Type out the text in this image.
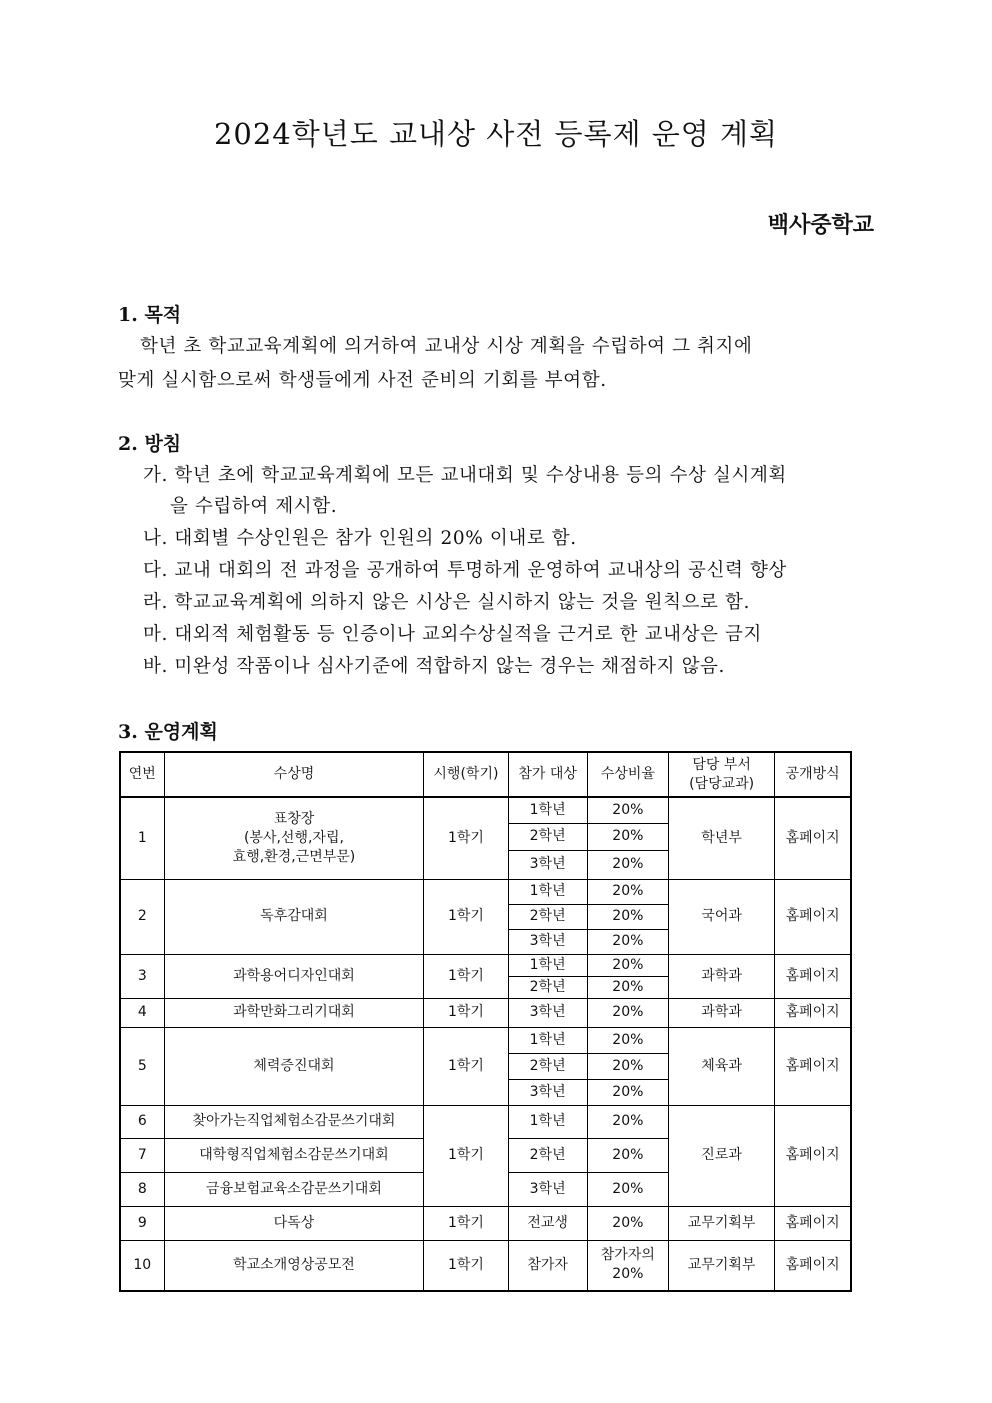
2024학년도 교내상 사전 등록제 운영 계획
백사중학교
1. 목적
학년 초 학교교육계획에 의거하여 교내상 시상 계획을 수립하여 그 취지에
맞게 실시함으로써 학생들에게 사전 준비의 기회를 부여함.
2. 방침
가. 학년 초에 학교교육계획에 모든 교내대회 및 수상내용 등의 수상 실시계획
을 수립하여 제시함.
나. 대회별 수상인원은 참가 인원의 20% 이내로 함.
다. 교내 대회의 전 과정을 공개하여 투명하게 운영하여 교내상의 공신력 향상
라. 학교교육계획에 의하지 않은 시상은 실시하지 않는 것을 원칙으로 함.
마. 대외적 체험활동 등 인증이나 교외수상실적을 근거로 한 교내상은 금지
바. 미완성 작품이나 심사기준에 적합하지 않는 경우는 채점하지 않음.
3. 운영계획
연번	수상명	시행(학기)	참가 대상	수상비율	담당 부서
(담당교과)	공개방식
1	표창장
(봉사,선행,자립,
효행,환경,근면부문)	1학기	1학년	20%	학년부	홈페이지
			2학년	20%		
			3학년	20%		
2	독후감대회	1학기	1학년	20%	국어과	홈페이지
			2학년	20%		
			3학년	20%		
3	과학용어디자인대회	1학기	1학년	20%	과학과	홈페이지
			2학년	20%		
4	과학만화그리기대회	1학기	3학년	20%	과학과	홈페이지
5	체력증진대회	1학기	1학년	20%	체육과	홈페이지
			2학년	20%		
			3학년	20%		
6	찾아가는직업체험소감문쓰기대회	1학기	1학년	20%	진로과	홈페이지
7	대학형직업체험소감문쓰기대회		2학년	20%		
8	금융보험교육소감문쓰기대회		3학년	20%		
9	다독상	1학기	전교생	20%	교무기획부	홈페이지
10	학교소개영상공모전	1학기	참가자	참가자의
20%	교무기획부	홈페이지
